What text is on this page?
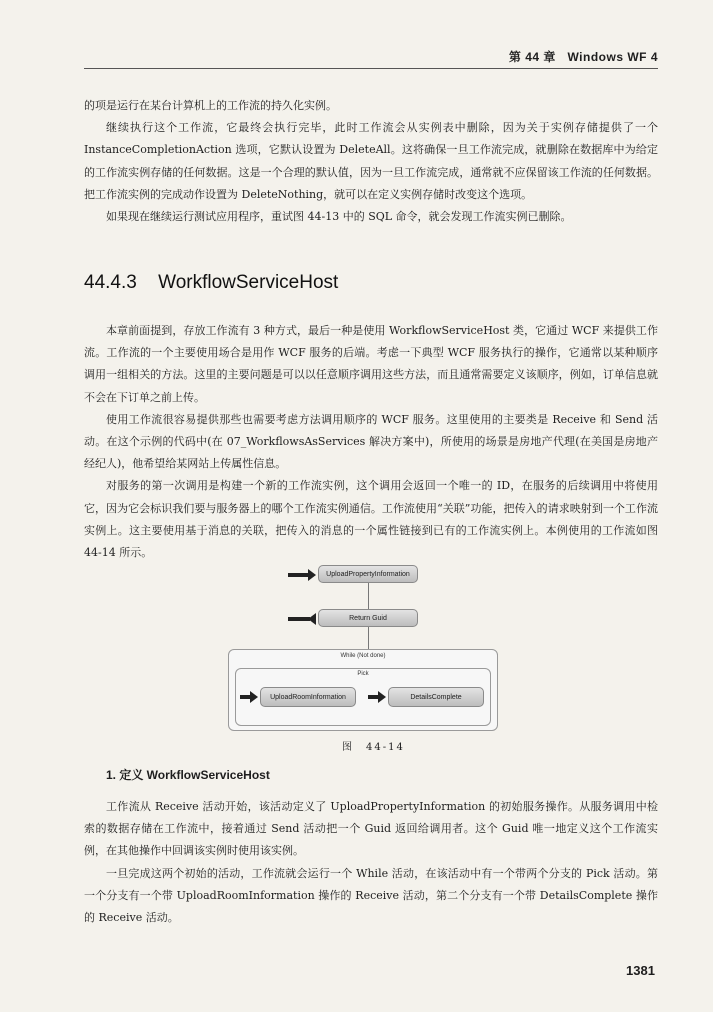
第 44 章 Windows WF 4

的项是运行在某台计算机上的工作流的持久化实例。

继续执行这个工作流，它最终会执行完毕，此时工作流会从实例表中删除，因为关于实例存储提供了一个 InstanceCompletionAction 选项，它默认设置为 DeleteAll。这将确保一旦工作流完成，就删除在数据库中为给定的工作流实例存储的任何数据。这是一个合理的默认值，因为一旦工作流完成，通常就不应保留该工作流的任何数据。把工作流实例的完成动作设置为 DeleteNothing，就可以在定义实例存储时改变这个选项。

如果现在继续运行测试应用程序，重试图 44-13 中的 SQL 命令，就会发现工作流实例已删除。

44.4.3 WorkflowServiceHost

本章前面提到，存放工作流有 3 种方式，最后一种是使用 WorkflowServiceHost 类，它通过 WCF 来提供工作流。工作流的一个主要使用场合是用作 WCF 服务的后端。考虑一下典型 WCF 服务执行的操作，它通常以某种顺序调用一组相关的方法。这里的主要问题是可以以任意顺序调用这些方法，而且通常需要定义该顺序，例如，订单信息就不会在下订单之前上传。

使用工作流很容易提供那些也需要考虑方法调用顺序的 WCF 服务。这里使用的主要类是 Receive 和 Send 活动。在这个示例的代码中(在 07_WorkflowsAsServices 解决方案中)，所使用的场景是房地产代理(在美国是房地产经纪人)，他希望给某网站上传属性信息。

对服务的第一次调用是构建一个新的工作流实例，这个调用会返回一个唯一的 ID，在服务的后续调用中将使用它，因为它会标识我们要与服务器上的哪个工作流实例通信。工作流使用“关联”功能，把传入的请求映射到一个工作流实例上。这主要使用基于消息的关联，把传入的消息的一个属性链接到已有的工作流实例上。本例使用的工作流如图 44-14 所示。

UploadPropertyInformation
Return Guid
While (Not done)
Pick
UploadRoomInformation	DetailsComplete
图　44-14
1. 定义 WorkflowServiceHost

工作流从 Receive 活动开始，该活动定义了 UploadPropertyInformation 的初始服务操作。从服务调用中检索的数据存储在工作流中，接着通过 Send 活动把一个 Guid 返回给调用者。这个 Guid 唯一地定义这个工作流实例，在其他操作中回调该实例时使用该实例。

一旦完成这两个初始的活动，工作流就会运行一个 While 活动，在该活动中有一个带两个分支的 Pick 活动。第一个分支有一个带 UploadRoomInformation 操作的 Receive 活动，第二个分支有一个带 DetailsComplete 操作的 Receive 活动。

1381
